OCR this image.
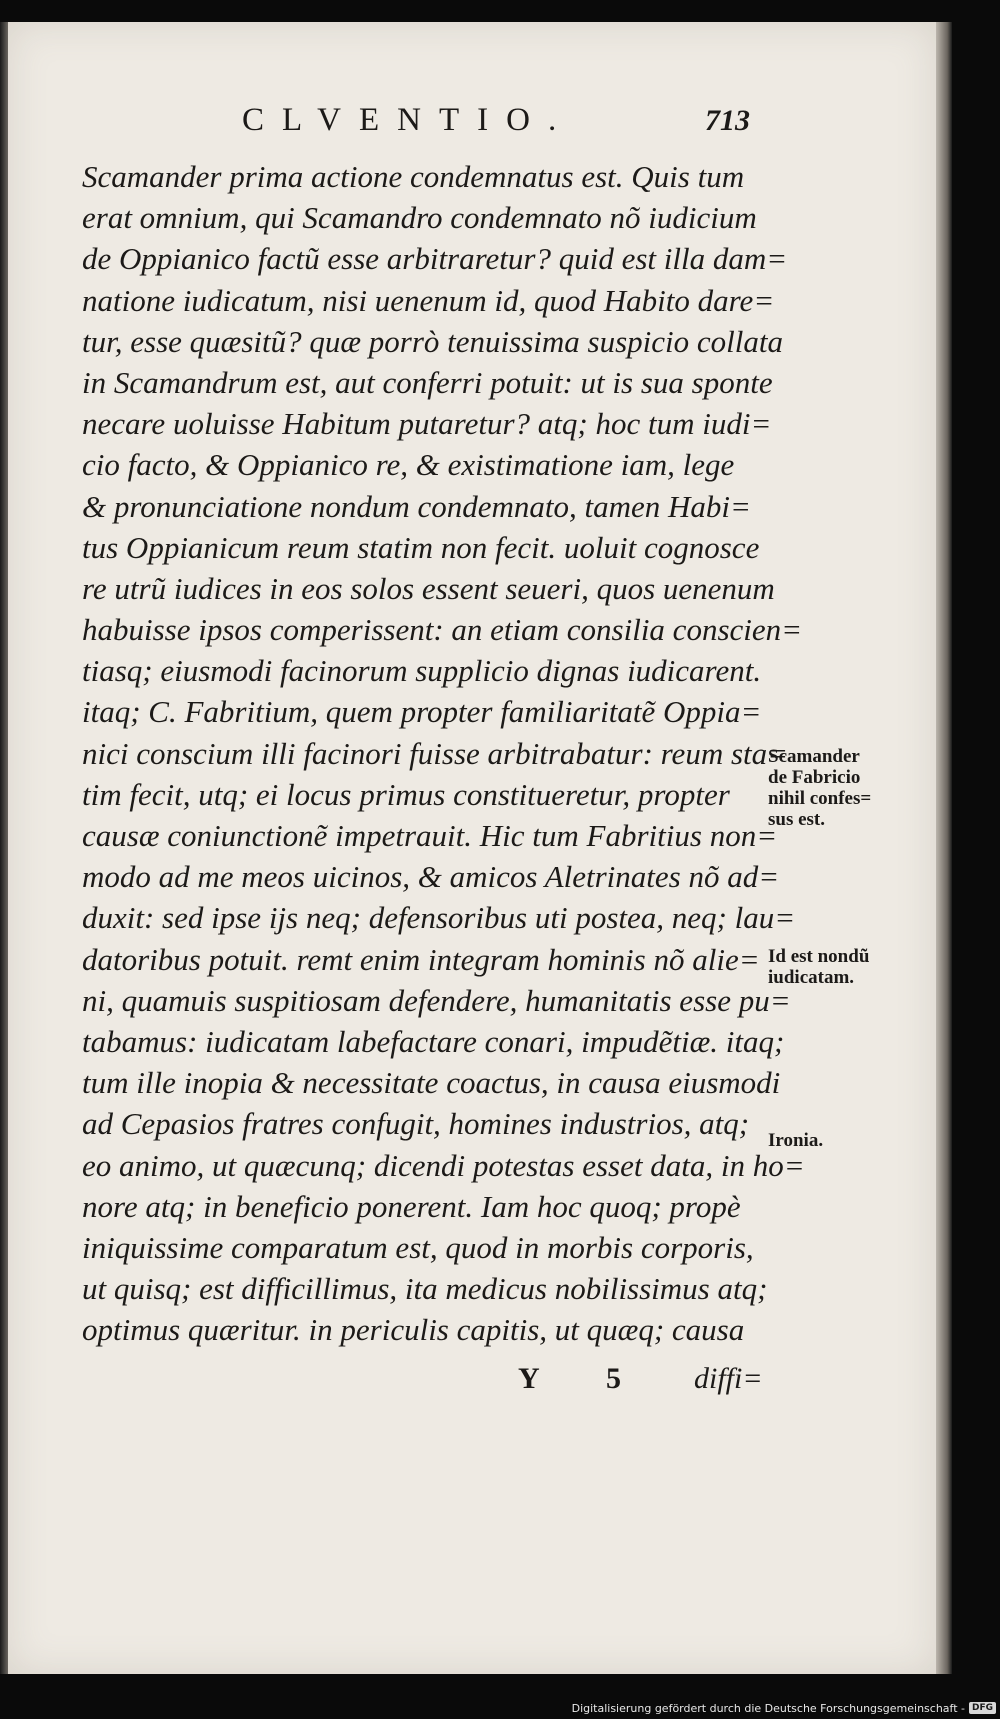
CLVENTIO.	713
Scamander prima actione condemnatus est. Quis tum
erat omnium, qui Scamandro condemnato nõ iudicium
de Oppianico factũ esse arbitraretur? quid est illa dam=
natione iudicatum, nisi uenenum id, quod Habito dare=
tur, esse quæsitũ? quæ porrò tenuissima suspicio collata
in Scamandrum est, aut conferri potuit: ut is sua sponte
necare uoluisse Habitum putaretur? atq; hoc tum iudi=
cio facto, & Oppianico re, & existimatione iam, lege
& pronunciatione nondum condemnato, tamen Habi=
tus Oppianicum reum statim non fecit. uoluit cognosce
re utrũ iudices in eos solos essent seueri, quos uenenum
habuisse ipsos comperissent: an etiam consilia conscien=
tiasq; eiusmodi facinorum supplicio dignas iudicarent.
itaq; C. Fabritium, quem propter familiaritatẽ Oppia=
nici conscium illi facinori fuisse arbitrabatur: reum sta=
tim fecit, utq; ei locus primus constitueretur, propter
causæ coniunctionẽ impetrauit. Hic tum Fabritius non=
modo ad me meos uicinos, & amicos Aletrinates nõ ad=
duxit: sed ipse ijs neq; defensoribus uti postea, neq; lau=
datoribus potuit. remt enim integram hominis nõ alie=
ni, quamuis suspitiosam defendere, humanitatis esse pu=
tabamus: iudicatam labefactare conari, impudẽtiæ. itaq;
tum ille inopia & necessitate coactus, in causa eiusmodi
ad Cepasios fratres confugit, homines industrios, atq;
eo animo, ut quæcunq; dicendi potestas esset data, in ho=
nore atq; in beneficio ponerent. Iam hoc quoq; propè
iniquissime comparatum est, quod in morbis corporis,
ut quisq; est difficillimus, ita medicus nobilissimus atq;
optimus quæritur. in periculis capitis, ut quæq; causa
Scamander
de Fabricio
nihil confes=
sus est.
Id est nondũ
iudicatam.
Ironia.
Y 5 diffi=
Digitalisierung gefördert durch die Deutsche Forschungsgemeinschaft - DFG
